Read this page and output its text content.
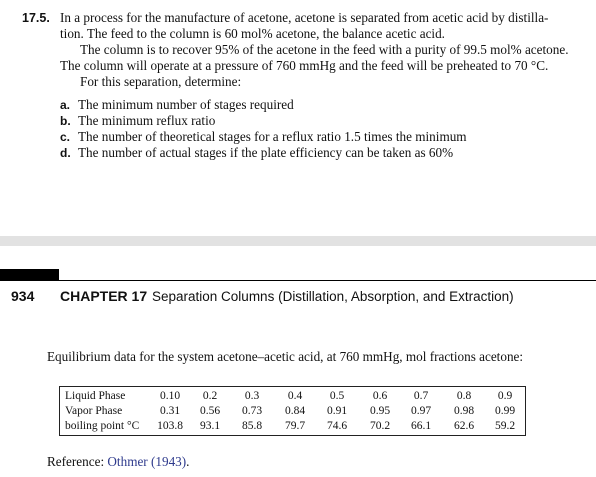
17.5. In a process for the manufacture of acetone, acetone is separated from acetic acid by distilla-
tion. The feed to the column is 60 mol% acetone, the balance acetic acid.
The column is to recover 95% of the acetone in the feed with a purity of 99.5 mol% acetone.
The column will operate at a pressure of 760 mmHg and the feed will be preheated to 70 °C.
For this separation, determine:
a. The minimum number of stages required
b. The minimum reflux ratio
c. The number of theoretical stages for a reflux ratio 1.5 times the minimum
d. The number of actual stages if the plate efficiency can be taken as 60%
934 CHAPTER 17 Separation Columns (Distillation, Absorption, and Extraction)
Equilibrium data for the system acetone–acetic acid, at 760 mmHg, mol fractions acetone:
Liquid Phase	0.10	0.2	0.3	0.4	0.5	0.6	0.7	0.8	0.9
Vapor Phase	0.31	0.56	0.73	0.84	0.91	0.95	0.97	0.98	0.99
boiling point °C	103.8	93.1	85.8	79.7	74.6	70.2	66.1	62.6	59.2
Reference: Othmer (1943).
